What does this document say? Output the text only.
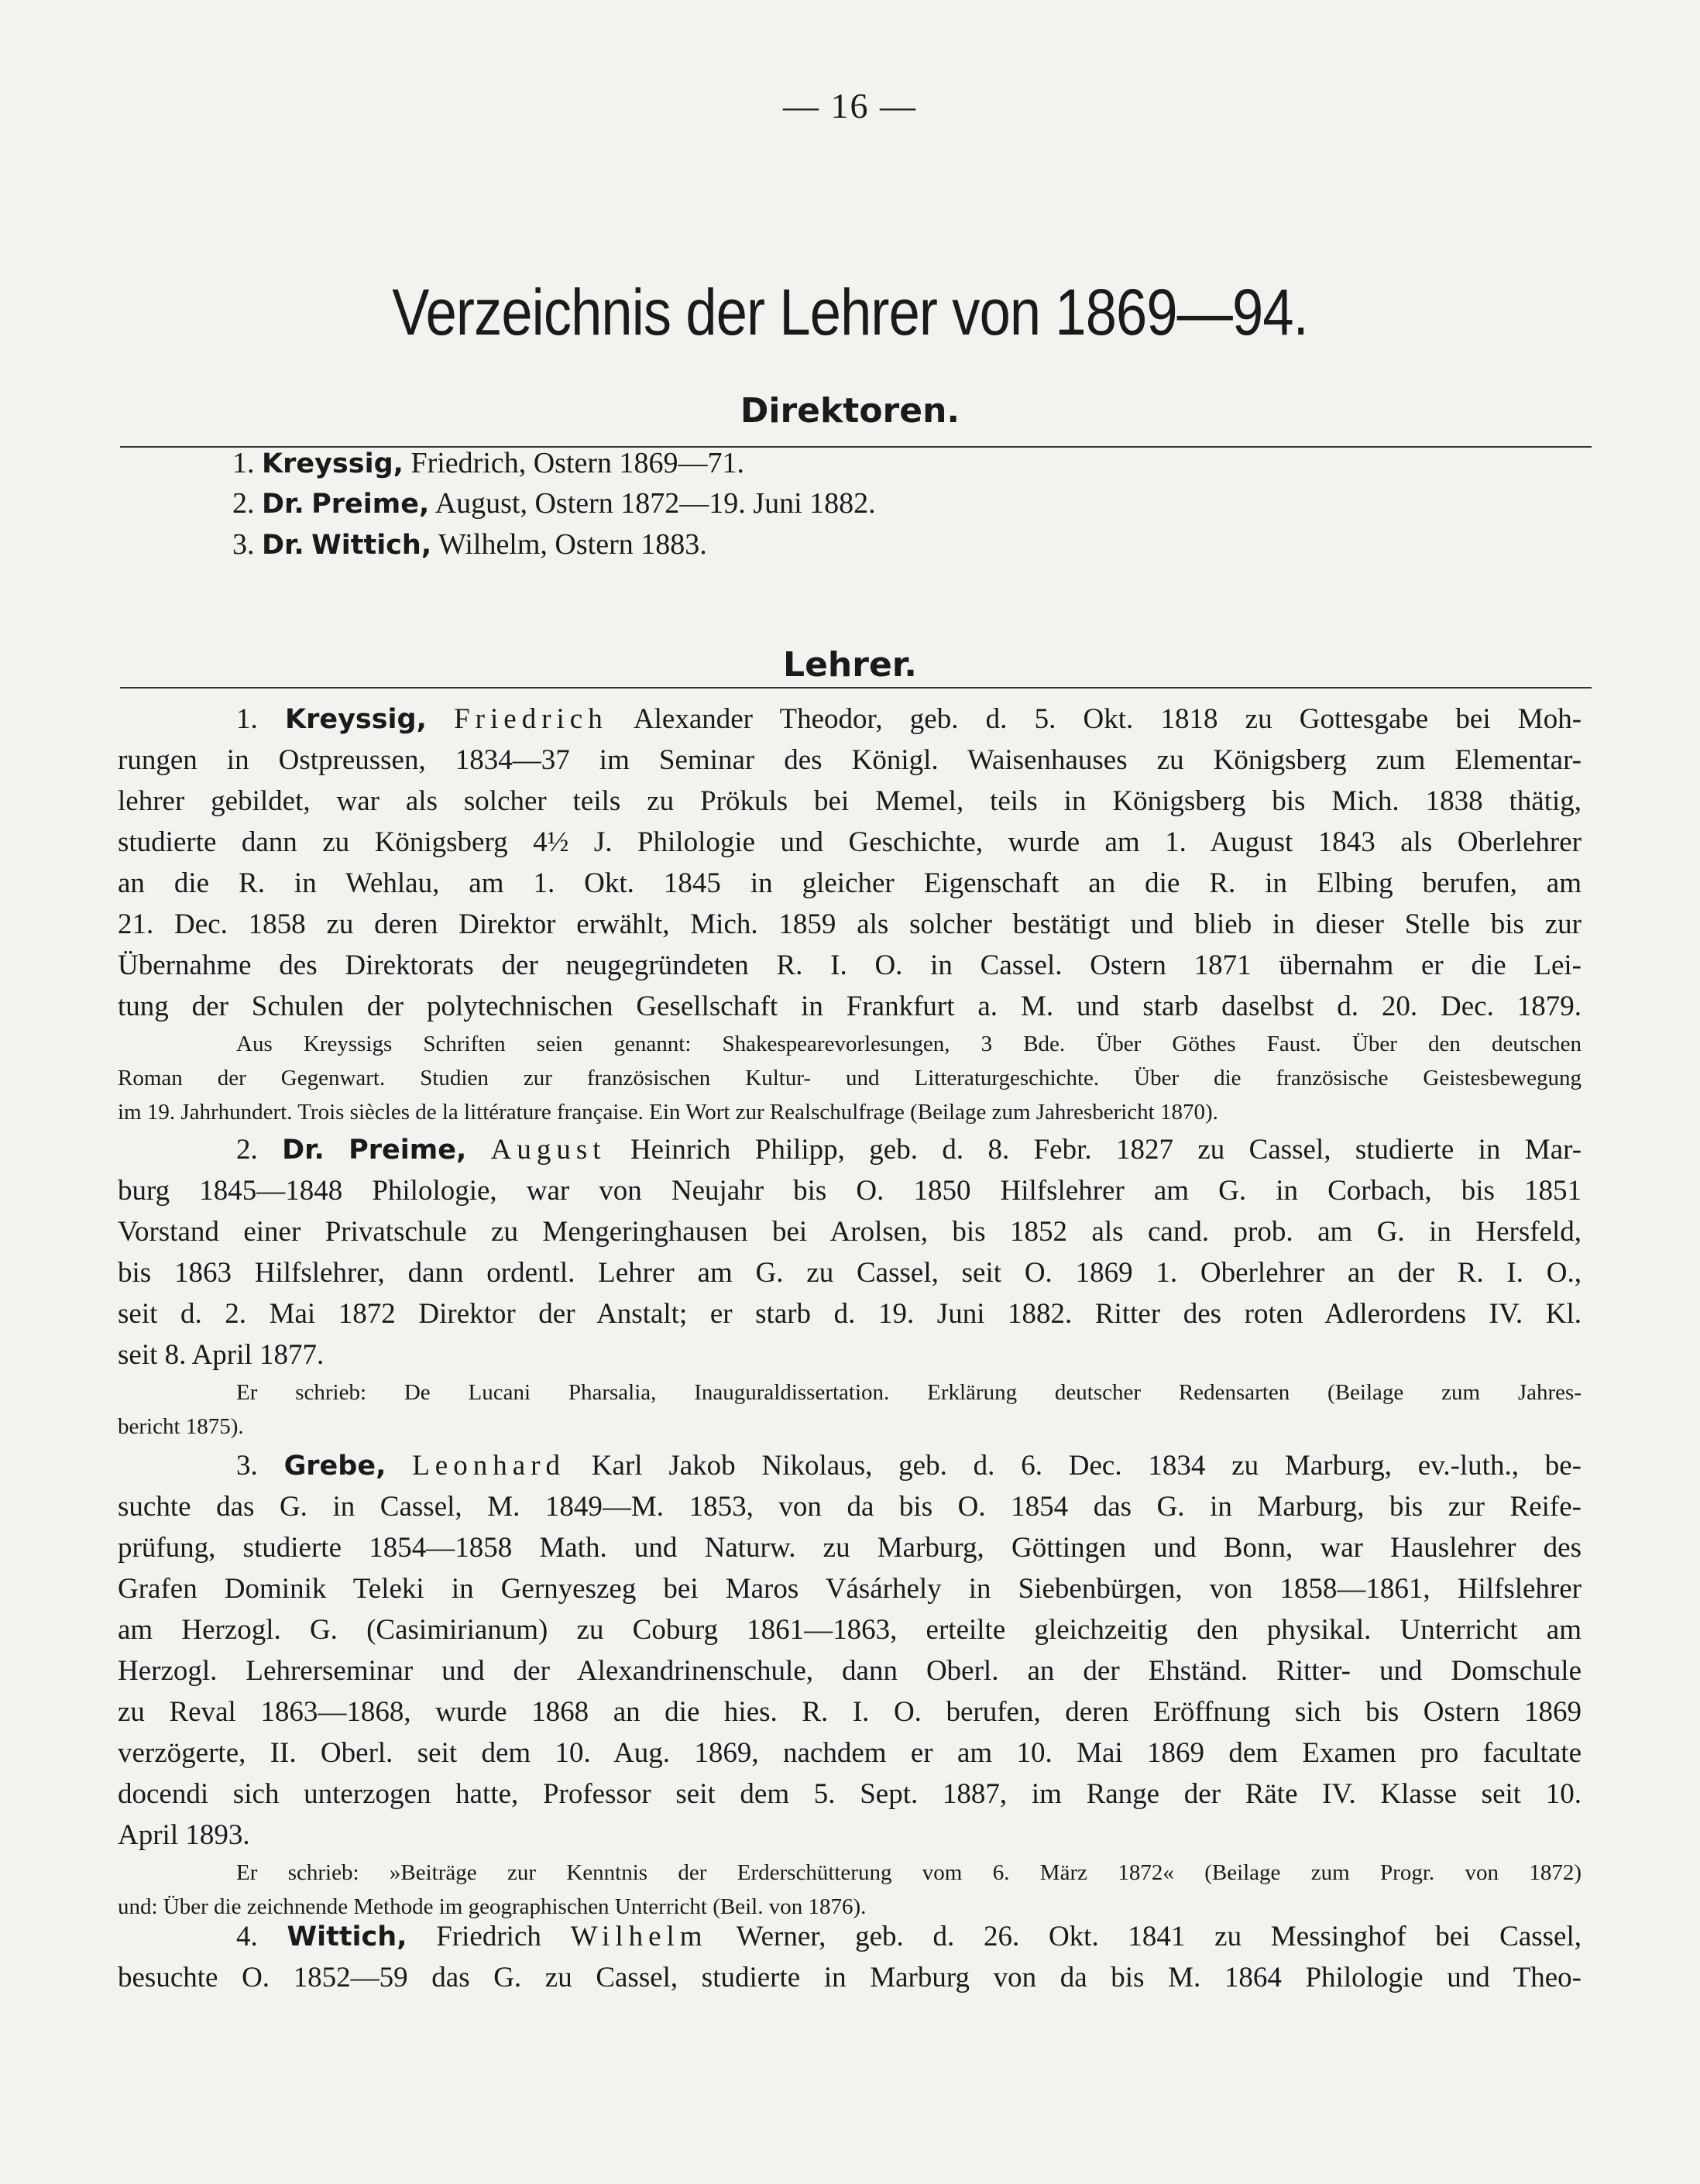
— 16 —
Verzeichnis der Lehrer von 1869—94.
Direktoren.
1. Kreyssig, Friedrich, Ostern 1869—71.
2. Dr. Preime, August, Ostern 1872—19. Juni 1882.
3. Dr. Wittich, Wilhelm, Ostern 1883.
Lehrer.
1. Kreyssig, Friedrich Alexander Theodor, geb. d. 5. Okt. 1818 zu Gottesgabe bei Moh-
rungen in Ostpreussen, 1834—37 im Seminar des Königl. Waisenhauses zu Königsberg zum Elementar-
lehrer gebildet, war als solcher teils zu Prökuls bei Memel, teils in Königsberg bis Mich. 1838 thätig,
studierte dann zu Königsberg 4½ J. Philologie und Geschichte, wurde am 1. August 1843 als Oberlehrer
an die R. in Wehlau, am 1. Okt. 1845 in gleicher Eigenschaft an die R. in Elbing berufen, am
21. Dec. 1858 zu deren Direktor erwählt, Mich. 1859 als solcher bestätigt und blieb in dieser Stelle bis zur
Übernahme des Direktorats der neugegründeten R. I. O. in Cassel. Ostern 1871 übernahm er die Lei-
tung der Schulen der polytechnischen Gesellschaft in Frankfurt a. M. und starb daselbst d. 20. Dec. 1879.
Aus Kreyssigs Schriften seien genannt: Shakespearevorlesungen, 3 Bde. Über Göthes Faust. Über den deutschen
Roman der Gegenwart. Studien zur französischen Kultur- und Litteraturgeschichte. Über die französische Geistesbewegung
im 19. Jahrhundert. Trois siècles de la littérature française. Ein Wort zur Realschulfrage (Beilage zum Jahresbericht 1870).
2. Dr. Preime, August Heinrich Philipp, geb. d. 8. Febr. 1827 zu Cassel, studierte in Mar-
burg 1845—1848 Philologie, war von Neujahr bis O. 1850 Hilfslehrer am G. in Corbach, bis 1851
Vorstand einer Privatschule zu Mengeringhausen bei Arolsen, bis 1852 als cand. prob. am G. in Hersfeld,
bis 1863 Hilfslehrer, dann ordentl. Lehrer am G. zu Cassel, seit O. 1869 1. Oberlehrer an der R. I. O.,
seit d. 2. Mai 1872 Direktor der Anstalt; er starb d. 19. Juni 1882. Ritter des roten Adlerordens IV. Kl.
seit 8. April 1877.
Er schrieb: De Lucani Pharsalia, Inauguraldissertation. Erklärung deutscher Redensarten (Beilage zum Jahres-
bericht 1875).
3. Grebe, Leonhard Karl Jakob Nikolaus, geb. d. 6. Dec. 1834 zu Marburg, ev.-luth., be-
suchte das G. in Cassel, M. 1849—M. 1853, von da bis O. 1854 das G. in Marburg, bis zur Reife-
prüfung, studierte 1854—1858 Math. und Naturw. zu Marburg, Göttingen und Bonn, war Hauslehrer des
Grafen Dominik Teleki in Gernyeszeg bei Maros Vásárhely in Siebenbürgen, von 1858—1861, Hilfslehrer
am Herzogl. G. (Casimirianum) zu Coburg 1861—1863, erteilte gleichzeitig den physikal. Unterricht am
Herzogl. Lehrerseminar und der Alexandrinenschule, dann Oberl. an der Ehständ. Ritter- und Domschule
zu Reval 1863—1868, wurde 1868 an die hies. R. I. O. berufen, deren Eröffnung sich bis Ostern 1869
verzögerte, II. Oberl. seit dem 10. Aug. 1869, nachdem er am 10. Mai 1869 dem Examen pro facultate
docendi sich unterzogen hatte, Professor seit dem 5. Sept. 1887, im Range der Räte IV. Klasse seit 10.
April 1893.
Er schrieb: »Beiträge zur Kenntnis der Erderschütterung vom 6. März 1872« (Beilage zum Progr. von 1872)
und: Über die zeichnende Methode im geographischen Unterricht (Beil. von 1876).
4. Wittich, Friedrich Wilhelm Werner, geb. d. 26. Okt. 1841 zu Messinghof bei Cassel,
besuchte O. 1852—59 das G. zu Cassel, studierte in Marburg von da bis M. 1864 Philologie und Theo-
